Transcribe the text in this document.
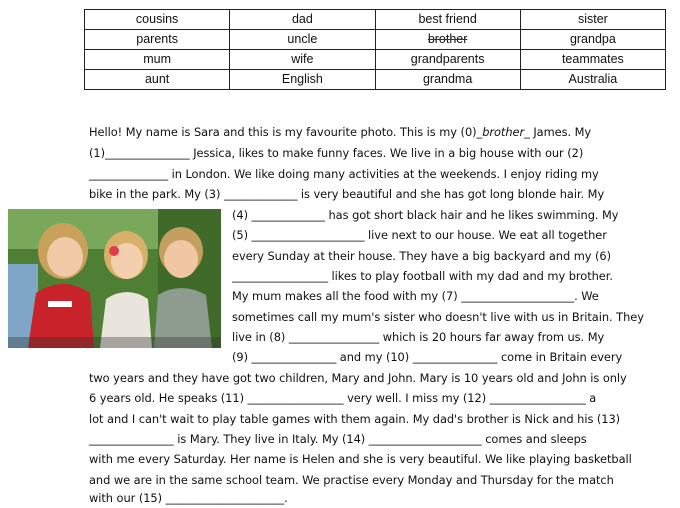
cousins	dad	best friend	sister
parents	uncle	brother	grandpa
mum	wife	grandparents	teammates
aunt	English	grandma	Australia
Hello! My name is Sara and this is my favourite photo. This is my (0)_brother_ James. My
(1)_______________ Jessica, likes to make funny faces. We live in a big house with our (2)
______________ in London. We like doing many activities at the weekends. I enjoy riding my
bike in the park. My (3) _____________ is very beautiful and she has got long blonde hair. My
(4) _____________ has got short black hair and he likes swimming. My
(5) ____________________ live next to our house. We eat all together
every Sunday at their house. They have a big backyard and my (6)
_________________ likes to play football with my dad and my brother.
My mum makes all the food with my (7) ____________________. We
sometimes call my mum's sister who doesn't live with us in Britain. They
live in (8) ________________ which is 20 hours far away from us. My
(9) _______________ and my (10) _______________ come in Britain every
two years and they have got two children, Mary and John. Mary is 10 years old and John is only
6 years old. He speaks (11) _________________ very well. I miss my (12) _________________ a
lot and I can't wait to play table games with them again. My dad's brother is Nick and his (13)
_______________ is Mary. They live in Italy. My (14) ____________________ comes and sleeps
with me every Saturday. Her name is Helen and she is very beautiful. We like playing basketball
and we are in the same school team. We practise every Monday and Thursday for the match
with our (15) _____________________.
